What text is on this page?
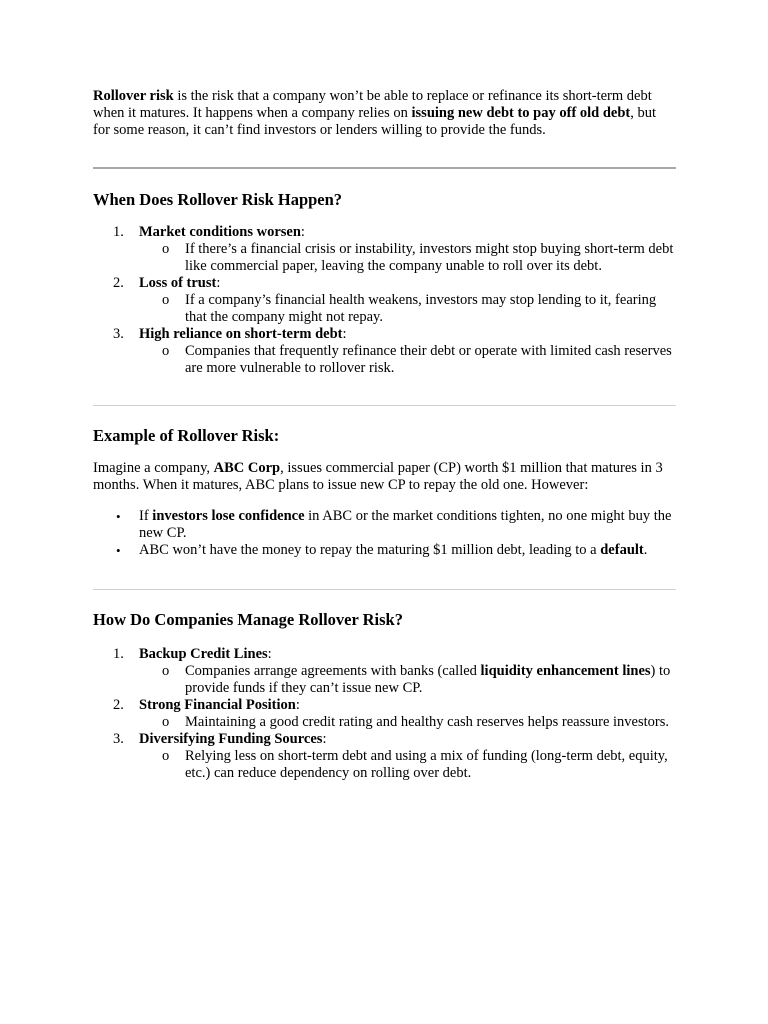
Rollover risk is the risk that a company won’t be able to replace or refinance its short-term debt when it matures. It happens when a company relies on issuing new debt to pay off old debt, but for some reason, it can’t find investors or lenders willing to provide the funds.

When Does Rollover Risk Happen?
1. Market conditions worsen:
o If there’s a financial crisis or instability, investors might stop buying short-term debt like commercial paper, leaving the company unable to roll over its debt.
2. Loss of trust:
o If a company’s financial health weakens, investors may stop lending to it, fearing that the company might not repay.
3. High reliance on short-term debt:
o Companies that frequently refinance their debt or operate with limited cash reserves are more vulnerable to rollover risk.
Example of Rollover Risk:

Imagine a company, ABC Corp, issues commercial paper (CP) worth $1 million that matures in 3 months. When it matures, ABC plans to issue new CP to repay the old one. However:

• If investors lose confidence in ABC or the market conditions tighten, no one might buy the new CP.
• ABC won’t have the money to repay the maturing $1 million debt, leading to a default.
How Do Companies Manage Rollover Risk?
1. Backup Credit Lines:
o Companies arrange agreements with banks (called liquidity enhancement lines) to provide funds if they can’t issue new CP.
2. Strong Financial Position:
o Maintaining a good credit rating and healthy cash reserves helps reassure investors.
3. Diversifying Funding Sources:
o Relying less on short-term debt and using a mix of funding (long-term debt, equity, etc.) can reduce dependency on rolling over debt.
